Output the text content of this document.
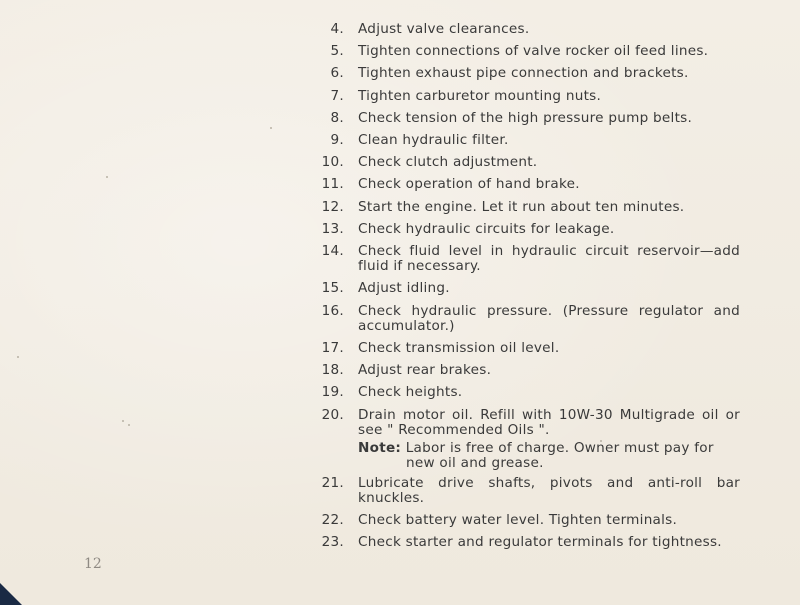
4.	Adjust valve clearances.
5.	Tighten connections of valve rocker oil feed lines.
6.	Tighten exhaust pipe connection and brackets.
7.	Tighten carburetor mounting nuts.
8.	Check tension of the high pressure pump belts.
9.	Clean hydraulic filter.
10.	Check clutch adjustment.
11.	Check operation of hand brake.
12.	Start the engine. Let it run about ten minutes.
13.	Check hydraulic circuits for leakage.
14.	Check fluid level in hydraulic circuit reservoir—add fluid if necessary.
15.	Adjust idling.
16.	Check hydraulic pressure. (Pressure regulator and accumulator.)
17.	Check transmission oil level.
18.	Adjust rear brakes.
19.	Check heights.
20.	Drain motor oil. Refill with 10W-30 Multigrade oil or see " Recommended Oils ".
Note: Labor is free of charge. Owner must pay for
new oil and grease.
21.	Lubricate drive shafts, pivots and anti-roll bar knuckles.
22.	Check battery water level. Tighten terminals.
23.	Check starter and regulator terminals for tightness.
12
